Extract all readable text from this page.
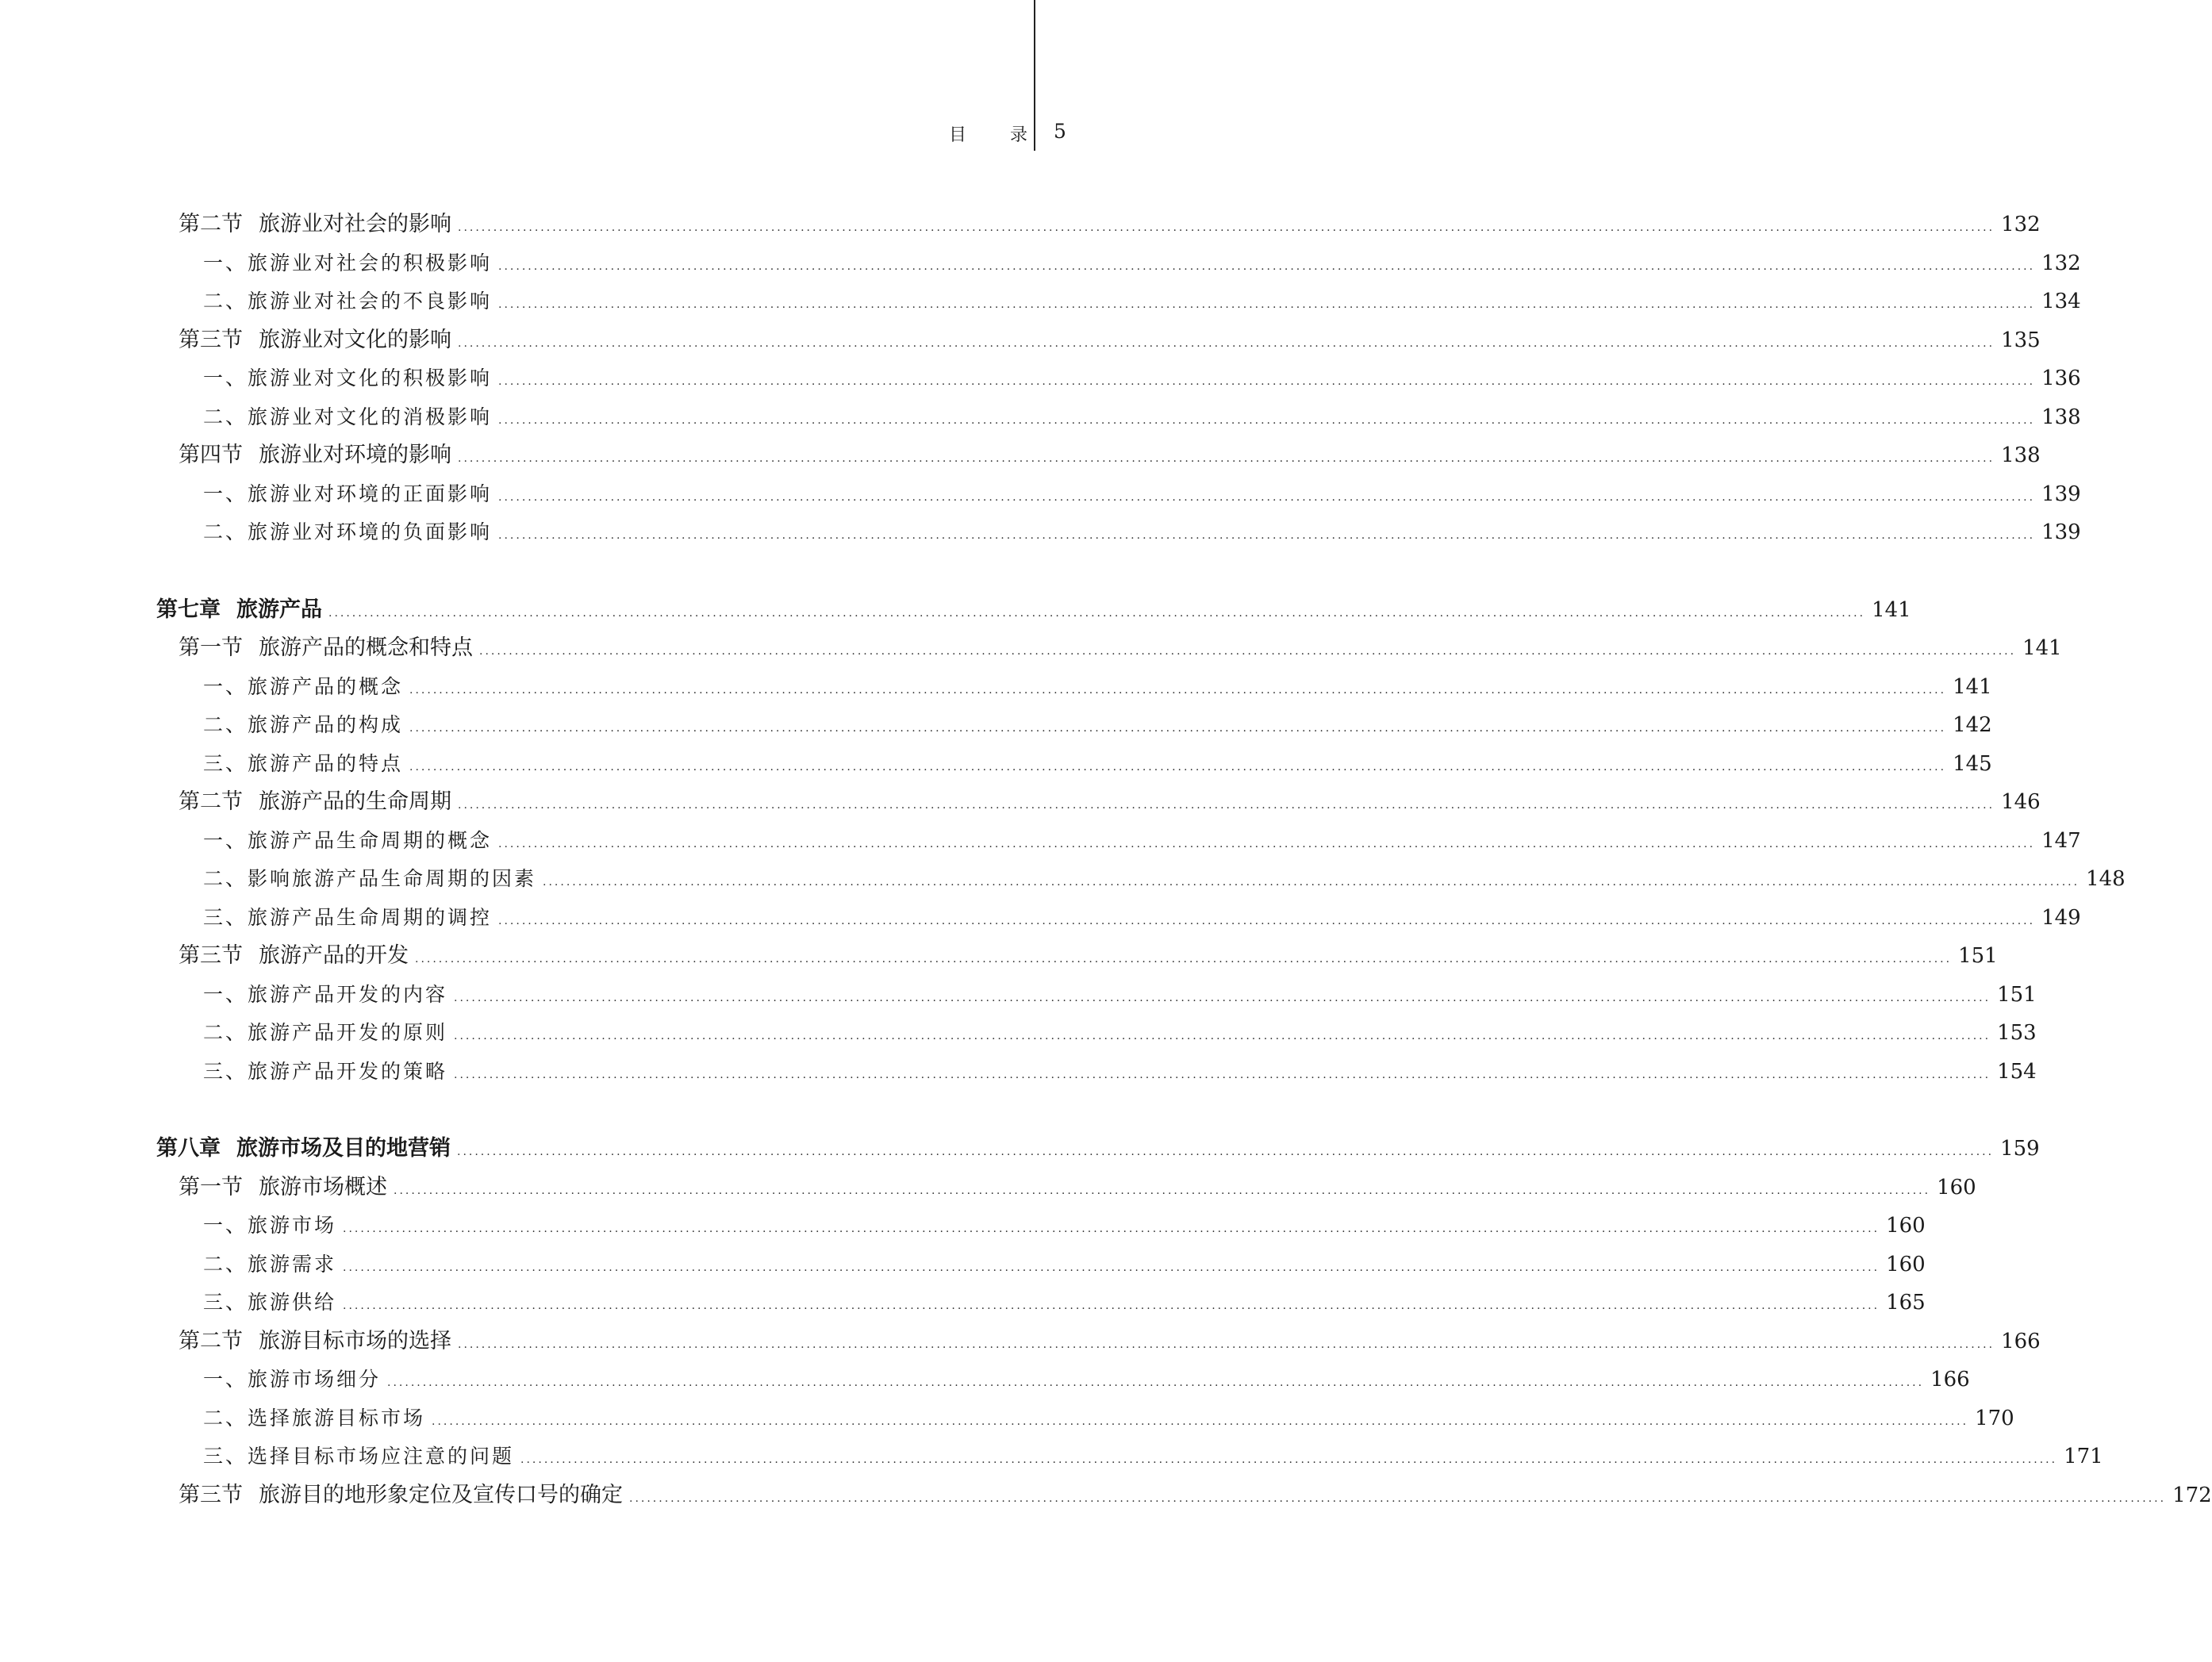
目 录 5
第二节 旅游业对社会的影响 .................................................................................................................................................................................................................................................................... 132
一、旅游业对社会的积极影响 .................................................................................................................................................................................................................................................................... 132
二、旅游业对社会的不良影响 .................................................................................................................................................................................................................................................................... 134
第三节 旅游业对文化的影响 .................................................................................................................................................................................................................................................................... 135
一、旅游业对文化的积极影响 .................................................................................................................................................................................................................................................................... 136
二、旅游业对文化的消极影响 .................................................................................................................................................................................................................................................................... 138
第四节 旅游业对环境的影响 .................................................................................................................................................................................................................................................................... 138
一、旅游业对环境的正面影响 .................................................................................................................................................................................................................................................................... 139
二、旅游业对环境的负面影响 .................................................................................................................................................................................................................................................................... 139
第七章 旅游产品 .................................................................................................................................................................................................................................................................... 141
第一节 旅游产品的概念和特点 .................................................................................................................................................................................................................................................................... 141
一、旅游产品的概念 .................................................................................................................................................................................................................................................................... 141
二、旅游产品的构成 .................................................................................................................................................................................................................................................................... 142
三、旅游产品的特点 .................................................................................................................................................................................................................................................................... 145
第二节 旅游产品的生命周期 .................................................................................................................................................................................................................................................................... 146
一、旅游产品生命周期的概念 .................................................................................................................................................................................................................................................................... 147
二、影响旅游产品生命周期的因素 .................................................................................................................................................................................................................................................................... 148
三、旅游产品生命周期的调控 .................................................................................................................................................................................................................................................................... 149
第三节 旅游产品的开发 .................................................................................................................................................................................................................................................................... 151
一、旅游产品开发的内容 .................................................................................................................................................................................................................................................................... 151
二、旅游产品开发的原则 .................................................................................................................................................................................................................................................................... 153
三、旅游产品开发的策略 .................................................................................................................................................................................................................................................................... 154
第八章 旅游市场及目的地营销 .................................................................................................................................................................................................................................................................... 159
第一节 旅游市场概述 .................................................................................................................................................................................................................................................................... 160
一、旅游市场 .................................................................................................................................................................................................................................................................... 160
二、旅游需求 .................................................................................................................................................................................................................................................................... 160
三、旅游供给 .................................................................................................................................................................................................................................................................... 165
第二节 旅游目标市场的选择 .................................................................................................................................................................................................................................................................... 166
一、旅游市场细分 .................................................................................................................................................................................................................................................................... 166
二、选择旅游目标市场 .................................................................................................................................................................................................................................................................... 170
三、选择目标市场应注意的问题 .................................................................................................................................................................................................................................................................... 171
第三节 旅游目的地形象定位及宣传口号的确定 .................................................................................................................................................................................................................................................................... 172
